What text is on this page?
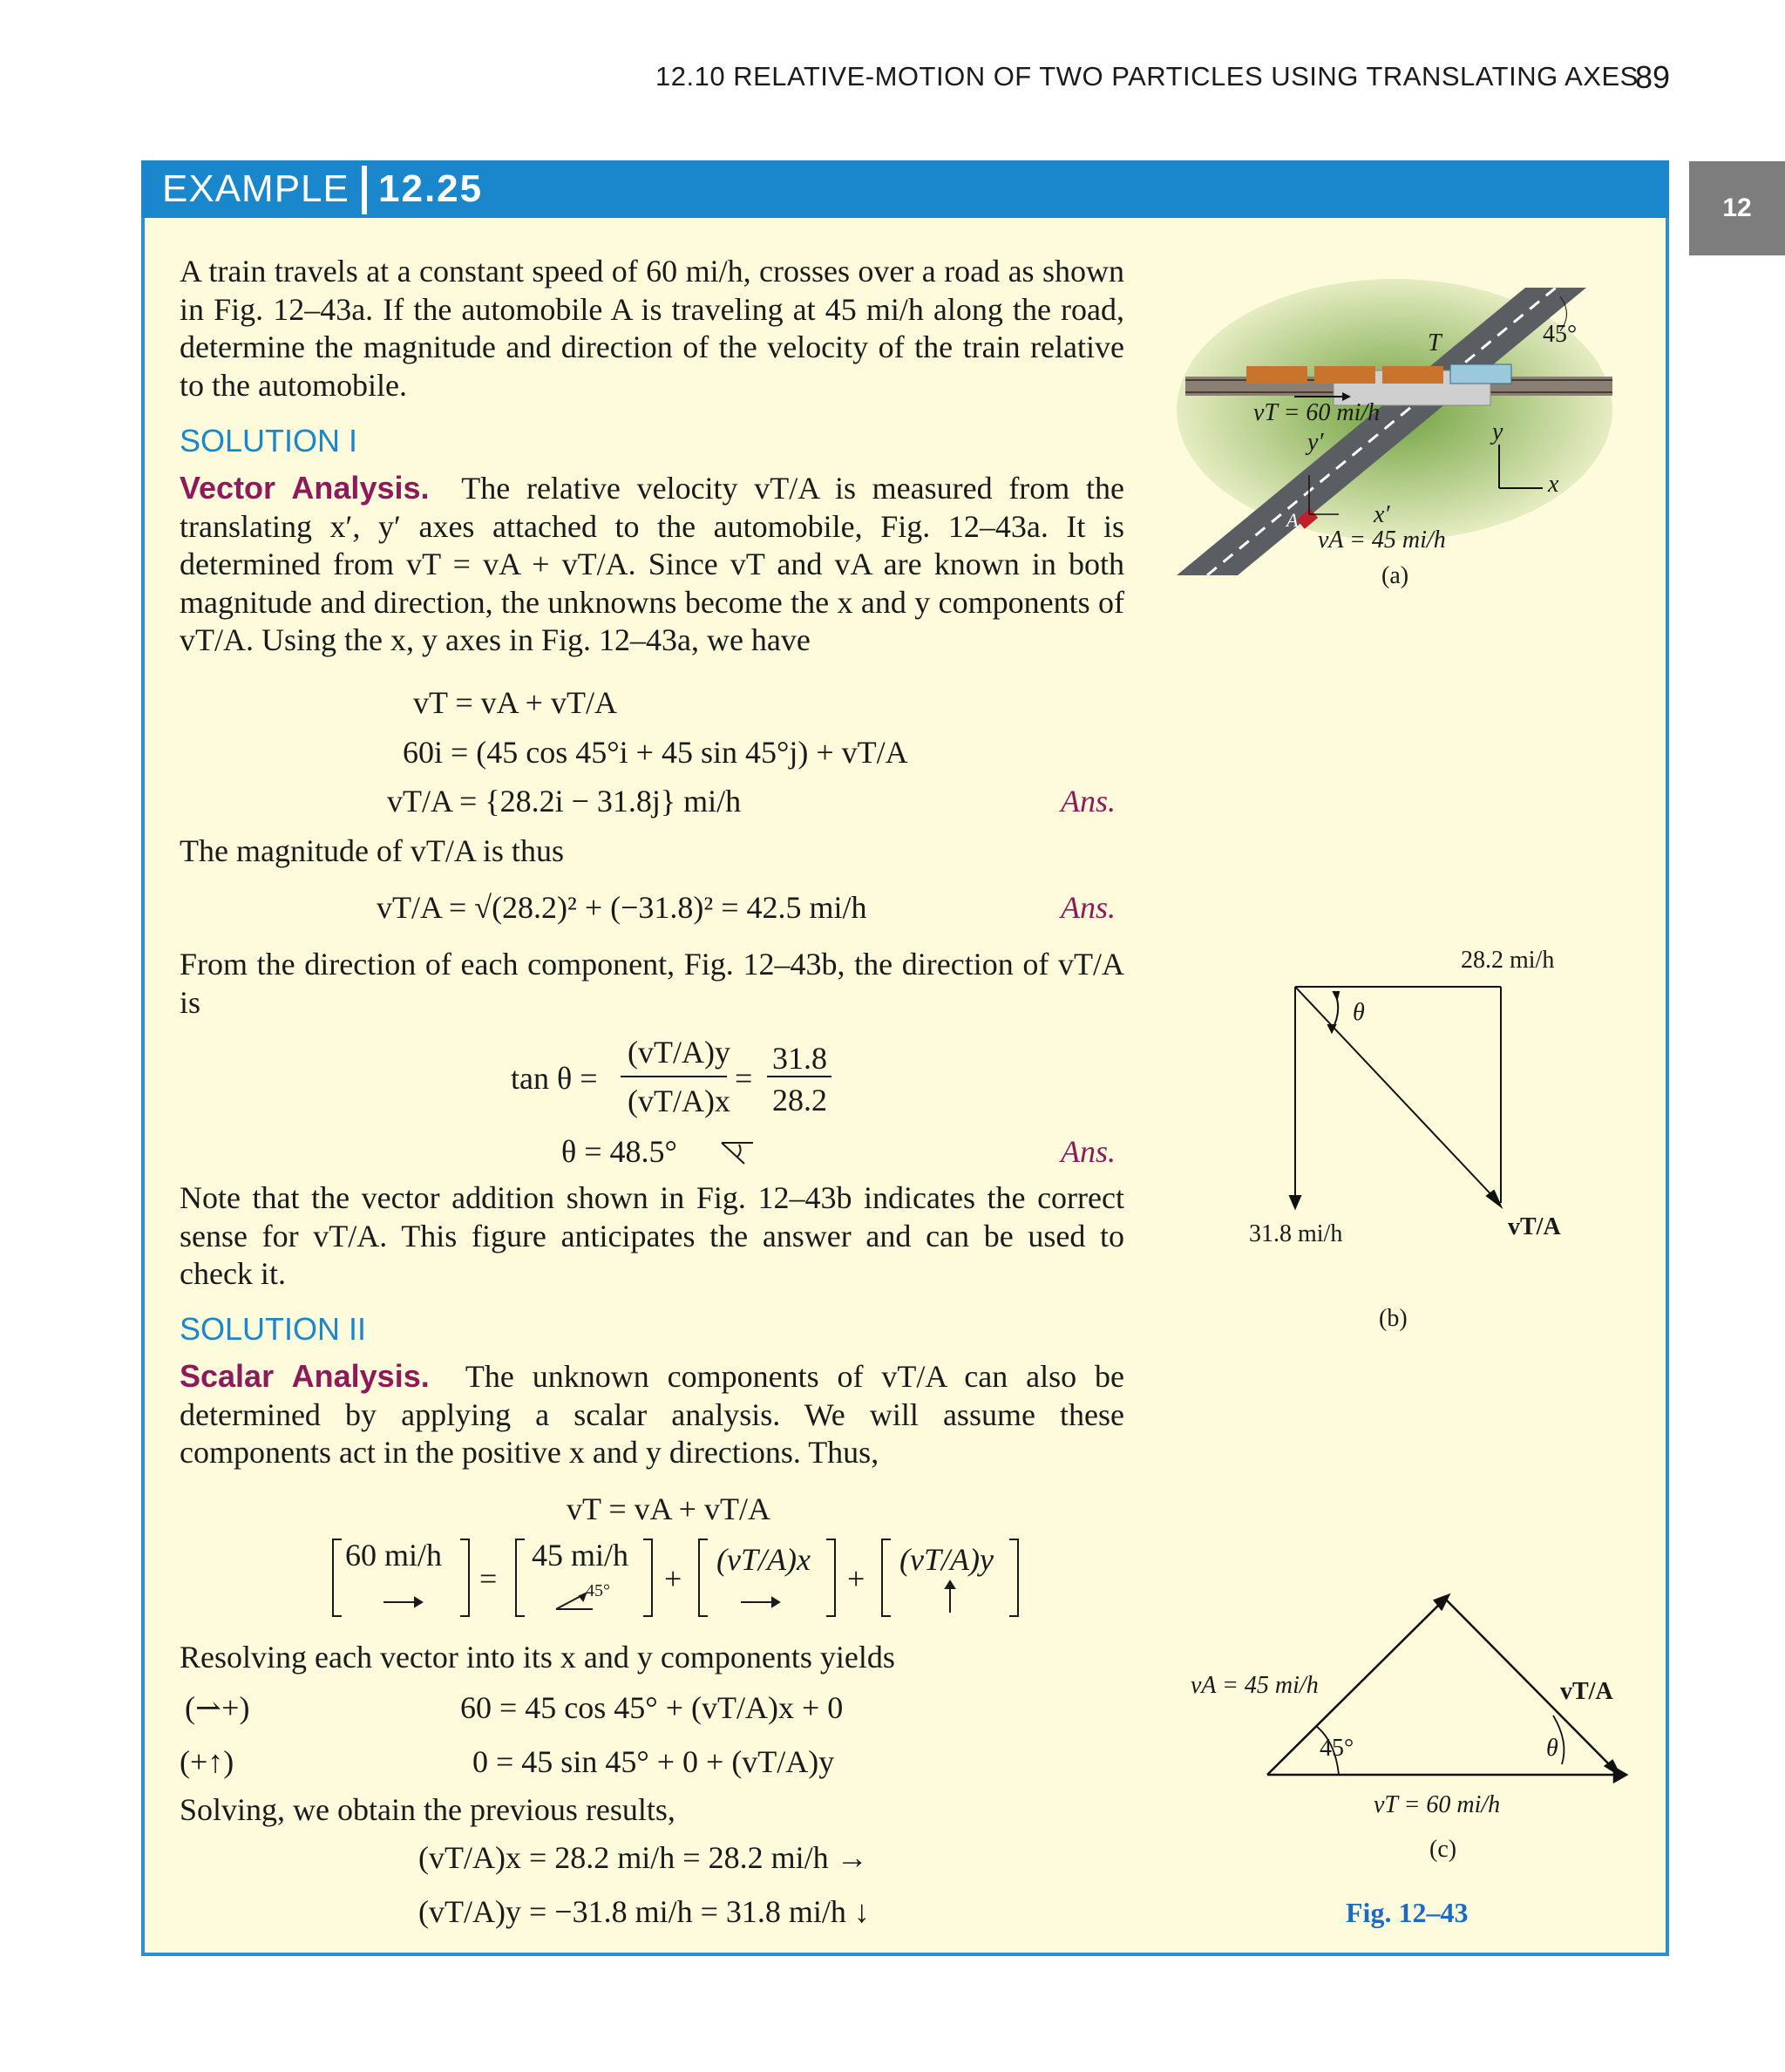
12.10 RELATIVE-MOTION OF TWO PARTICLES USING TRANSLATING AXES
89
12
EXAMPLE 12.25
A train travels at a constant speed of 60 mi/h, crosses over a road as shown in Fig. 12–43a. If the automobile A is traveling at 45 mi/h along the road, determine the magnitude and direction of the velocity of the train relative to the automobile.
SOLUTION I
Vector Analysis. The relative velocity vT/A is measured from the translating x′, y′ axes attached to the automobile, Fig. 12–43a. It is determined from vT = vA + vT/A. Since vT and vA are known in both magnitude and direction, the unknowns become the x and y components of vT/A. Using the x, y axes in Fig. 12–43a, we have
vT = vA + vT/A
60i = (45 cos 45°i + 45 sin 45°j) + vT/A
vT/A = {28.2i − 31.8j} mi/h	Ans.
The magnitude of vT/A is thus
vT/A = √(28.2)² + (−31.8)² = 42.5 mi/h	Ans.
From the direction of each component, Fig. 12–43b, the direction of vT/A is
tan θ =
(vT/A)y
(vT/A)x
=
31.8
28.2
θ = 48.5°	Ans.
Note that the vector addition shown in Fig. 12–43b indicates the correct sense for vT/A. This figure anticipates the answer and can be used to check it.
SOLUTION II
Scalar Analysis. The unknown components of vT/A can also be determined by applying a scalar analysis. We will assume these components act in the positive x and y directions. Thus,
vT = vA + vT/A
60 mi/h
=
45 mi/h
45° +
(vT/A)x
+
(vT/A)y
Resolving each vector into its x and y components yields
(⇀+)	60 = 45 cos 45° + (vT/A)x + 0
(+↑)	0 = 45 sin 45° + 0 + (vT/A)y
Solving, we obtain the previous results,
(vT/A)x = 28.2 mi/h = 28.2 mi/h →
(vT/A)y = −31.8 mi/h = 31.8 mi/h ↓
45°
T
vT = 60 mi/h
y′	y
x
x′
A
vA = 45 mi/h
(a)
28.2 mi/h
θ
31.8 mi/h	vT/A
(b)
vA = 45 mi/h	vT/A
45°	θ
vT = 60 mi/h
(c)
Fig. 12–43
